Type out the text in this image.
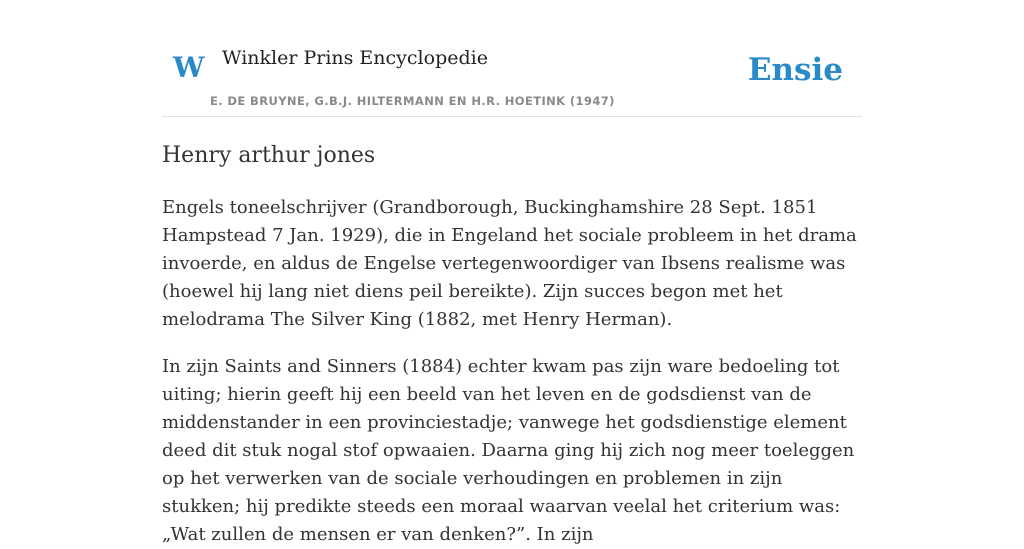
W Winkler Prins Encyclopedie
E. DE BRUYNE, G.B.J. HILTERMANN EN H.R. HOETINK (1947)
Ensie
Henry arthur jones

Engels toneelschrijver (Grandborough, Buckinghamshire 28 Sept. 1851 Hampstead 7 Jan. 1929), die in Engeland het sociale probleem in het drama invoerde, en aldus de Engelse vertegenwoordiger van Ibsens realisme was (hoewel hij lang niet diens peil bereikte). Zijn succes begon met het melodrama The Silver King (1882, met Henry Herman).

In zijn Saints and Sinners (1884) echter kwam pas zijn ware bedoeling tot uiting; hierin geeft hij een beeld van het leven en de godsdienst van de middenstander in een provinciestadje; vanwege het godsdienstige element deed dit stuk nogal stof opwaaien. Daarna ging hij zich nog meer toeleggen op het verwerken van de sociale verhoudingen en problemen in zijn stukken; hij predikte steeds een moraal waarvan veelal het criterium was: „Wat zullen de mensen er van denken?”. In zijn
